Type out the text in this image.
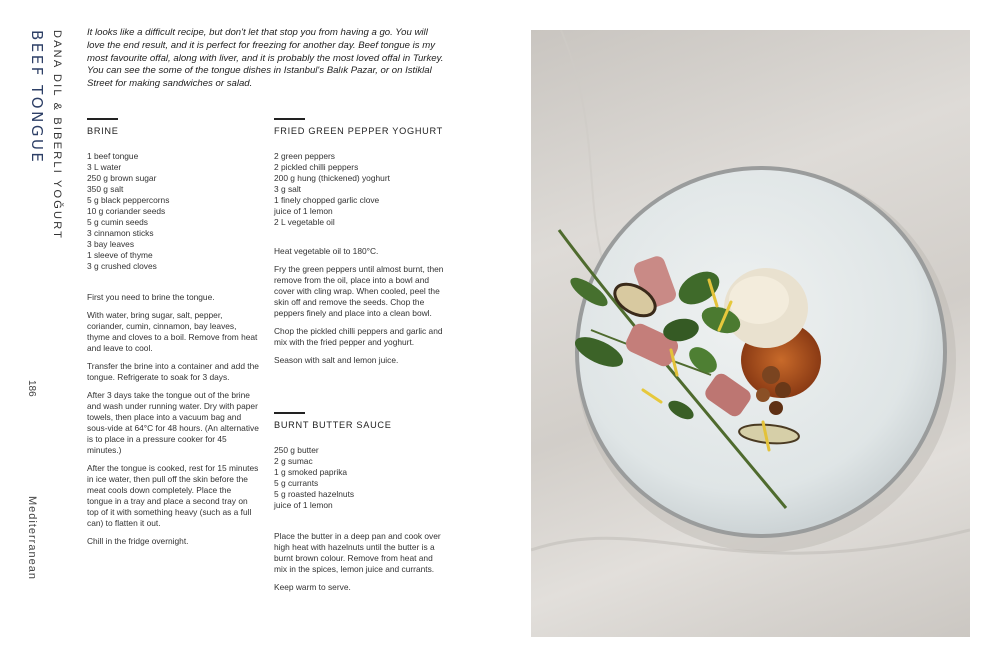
BEEF TONGUE DANA DIL & BIBERLI YOĞURT
186
Mediterranean

It looks like a difficult recipe, but don't let that stop you from having a go. You will love the end result, and it is perfect for freezing for another day. Beef tongue is my most favourite offal, along with liver, and it is probably the most loved offal in Turkey. You can see the some of the tongue dishes in Istanbul's Balık Pazar, or on Istiklal Street for making sandwiches or salad.

BRINE
1 beef tongue
3 L water
250 g brown sugar
350 g salt
5 g black peppercorns
10 g coriander seeds
5 g cumin seeds
3 cinnamon sticks
3 bay leaves
1 sleeve of thyme
3 g crushed cloves

First you need to brine the tongue.

With water, bring sugar, salt, pepper, coriander, cumin, cinnamon, bay leaves, thyme and cloves to a boil. Remove from heat and leave to cool.

Transfer the brine into a container and add the tongue. Refrigerate to soak for 3 days.

After 3 days take the tongue out of the brine and wash under running water. Dry with paper towels, then place into a vacuum bag and sous-vide at 64°C for 48 hours. (An alternative is to place in a pressure cooker for 45 minutes.)

After the tongue is cooked, rest for 15 minutes in ice water, then pull off the skin before the meat cools down completely. Place the tongue in a tray and place a second tray on top of it with something heavy (such as a full can) to flatten it out.

Chill in the fridge overnight.

FRIED GREEN PEPPER YOGHURT
2 green peppers
2 pickled chilli peppers
200 g hung (thickened) yoghurt
3 g salt
1 finely chopped garlic clove
juice of 1 lemon
2 L vegetable oil

Heat vegetable oil to 180°C.

Fry the green peppers until almost burnt, then remove from the oil, place into a bowl and cover with cling wrap. When cooled, peel the skin off and remove the seeds. Chop the peppers finely and place into a clean bowl.

Chop the pickled chilli peppers and garlic and mix with the fried pepper and yoghurt.

Season with salt and lemon juice.

BURNT BUTTER SAUCE
250 g butter
2 g sumac
1 g smoked paprika
5 g currants
5 g roasted hazelnuts
juice of 1 lemon

Place the butter in a deep pan and cook over high heat with hazelnuts until the butter is a burnt brown colour. Remove from heat and mix in the spices, lemon juice and currants.

Keep warm to serve.
